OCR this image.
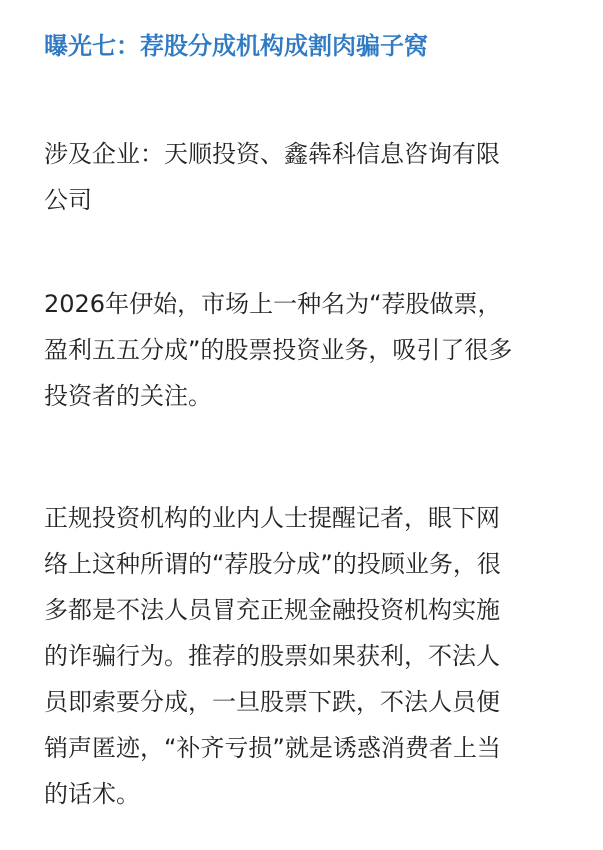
曝光七：荐股分成机构成割肉骗子窝

涉及企业：天顺投资、鑫犇科信息咨询有限
公司

2026年伊始，市场上一种名为“荐股做票，
盈利五五分成”的股票投资业务，吸引了很多
投资者的关注。

正规投资机构的业内人士提醒记者，眼下网
络上这种所谓的“荐股分成”的投顾业务，很
多都是不法人员冒充正规金融投资机构实施
的诈骗行为。推荐的股票如果获利，不法人
员即索要分成，一旦股票下跌，不法人员便
销声匿迹，“补齐亏损”就是诱惑消费者上当
的话术。
